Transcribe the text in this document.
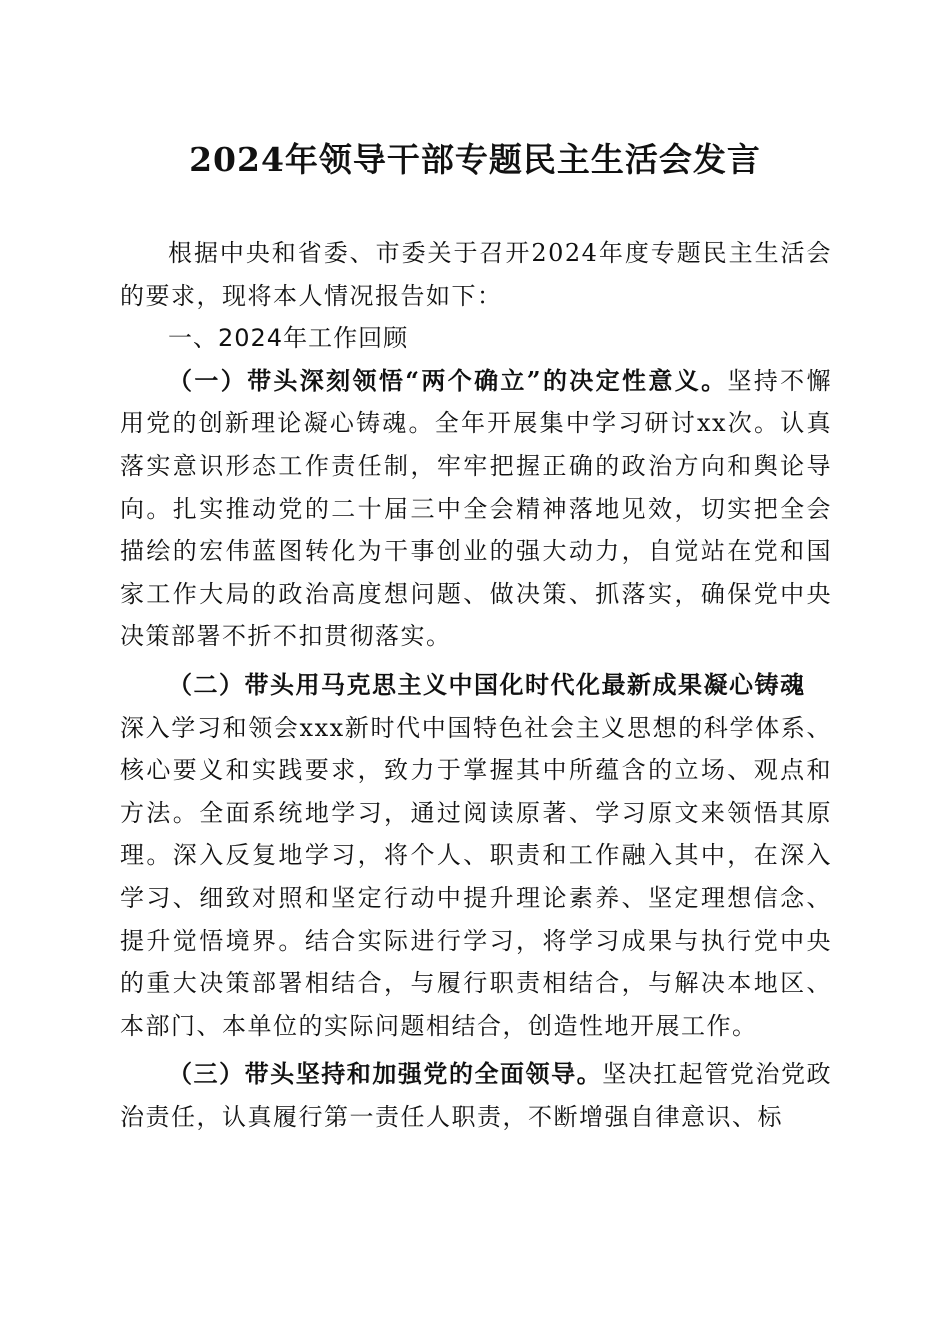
2024年领导干部专题民主生活会发言

根据中央和省委、市委关于召开2024年度专题民主生活会的要求，现将本人情况报告如下：

一、2024年工作回顾

（一）带头深刻领悟“两个确立”的决定性意义。坚持不懈用党的创新理论凝心铸魂。全年开展集中学习研讨xx次。认真落实意识形态工作责任制，牢牢把握正确的政治方向和舆论导向。扎实推动党的二十届三中全会精神落地见效，切实把全会描绘的宏伟蓝图转化为干事创业的强大动力，自觉站在党和国家工作大局的政治高度想问题、做决策、抓落实，确保党中央决策部署不折不扣贯彻落实。

（二）带头用马克思主义中国化时代化最新成果凝心铸魂
深入学习和领会xxx新时代中国特色社会主义思想的科学体系、核心要义和实践要求，致力于掌握其中所蕴含的立场、观点和方法。全面系统地学习，通过阅读原著、学习原文来领悟其原理。深入反复地学习，将个人、职责和工作融入其中，在深入学习、细致对照和坚定行动中提升理论素养、坚定理想信念、提升觉悟境界。结合实际进行学习，将学习成果与执行党中央的重大决策部署相结合，与履行职责相结合，与解决本地区、本部门、本单位的实际问题相结合，创造性地开展工作。

（三）带头坚持和加强党的全面领导。坚决扛起管党治党政治责任，认真履行第一责任人职责，不断增强自律意识、标
